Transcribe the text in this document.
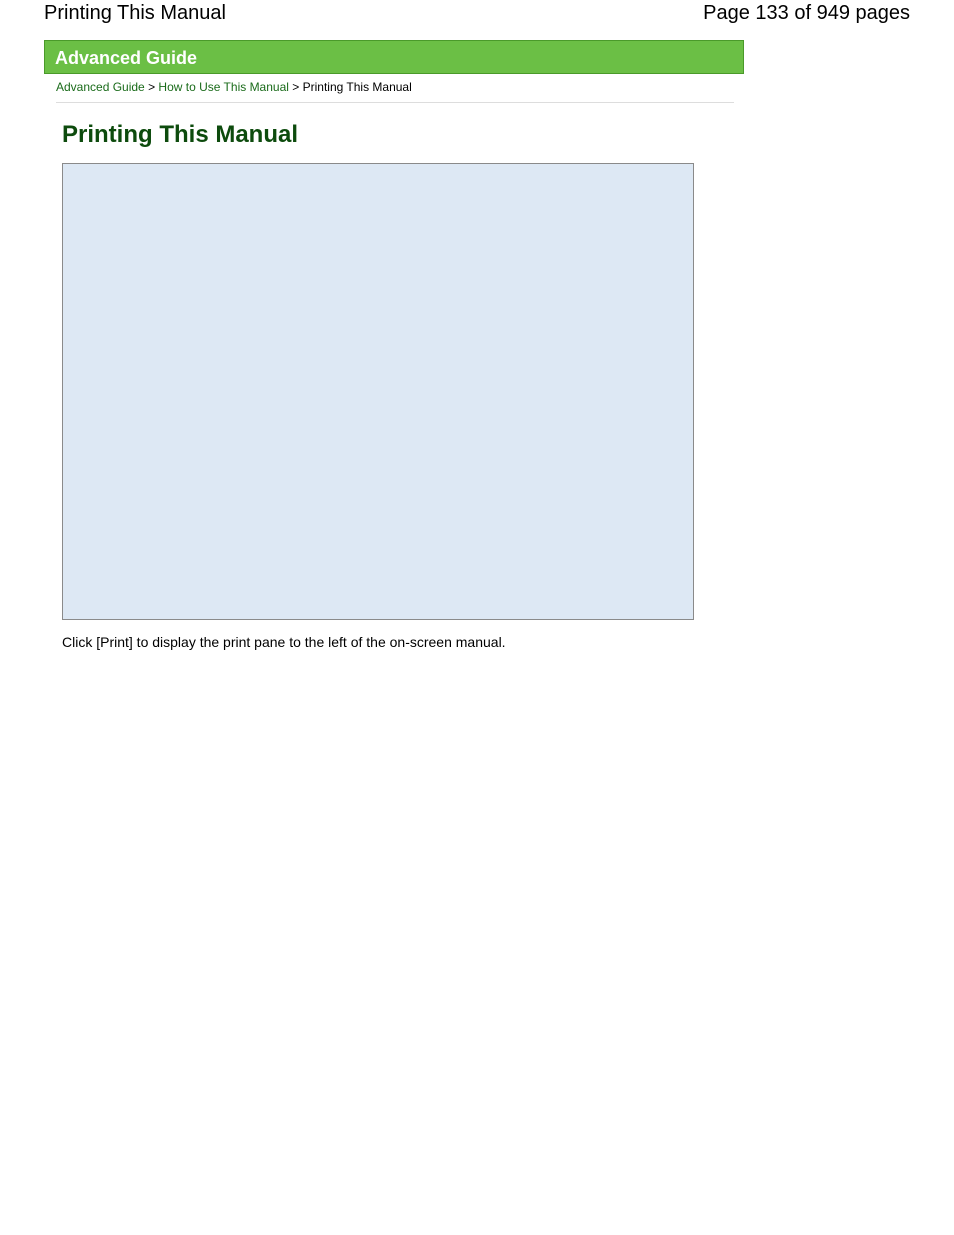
Printing This Manual	Page 133 of 949 pages
Advanced Guide
Advanced Guide > How to Use This Manual > Printing This Manual
Printing This Manual
Click [Print] to display the print pane to the left of the on-screen manual.
